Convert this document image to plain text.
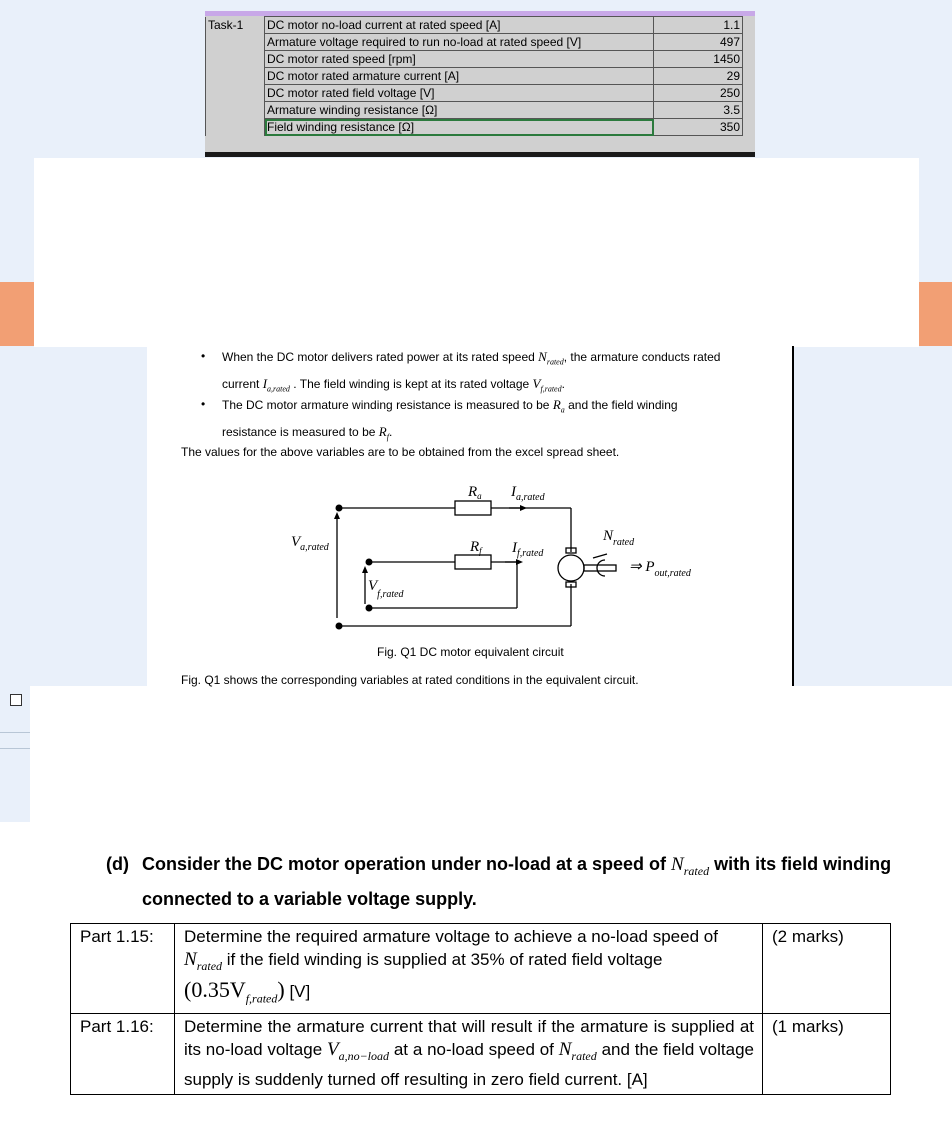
Task-1	DC motor no-load current at rated speed [A]	1.1
	Armature voltage required to run no-load at rated speed [V]	497
	DC motor rated speed [rpm]	1450
	DC motor rated armature current [A]	29
	DC motor rated field voltage [V]	250
	Armature winding resistance [Ω]	3.5
	Field winding resistance [Ω]	350
• When the DC motor delivers rated power at its rated speed $N_{rated}$, the armature conducts rated
current $I_{a,rated}$ . The field winding is kept at its rated voltage $V_{f,rated}$.
• The DC motor armature winding resistance is measured to be $R_a$ and the field winding
resistance is measured to be $R_f$.
The values for the above variables are to be obtained from the excel spread sheet.
$R_a$ $I_{a,rated}$
$R_f$ $I_{f,rated}$
$V_{a,rated}$
$V_{f,rated}$
$N_{rated}$
⇒ $P_{out,rated}$
Fig. Q1 DC motor equivalent circuit
Fig. Q1 shows the corresponding variables at rated conditions in the equivalent circuit.
(d) Consider the DC motor operation under no-load at a speed of $N_{rated}$ with its field winding connected to a variable voltage supply.
Part 1.15:	Determine the required armature voltage to achieve a no-load speed of $N_{rated}$ if the field winding is supplied at 35% of rated field voltage
$(0.35V_{f,rated})$ [V]	(2 marks)
Part 1.16:	Determine the armature current that will result if the armature is supplied at its no-load voltage $V_{a,no-load}$ at a no-load speed of $N_{rated}$ and the field voltage supply is suddenly turned off resulting in zero field current. [A]	(1 marks)
